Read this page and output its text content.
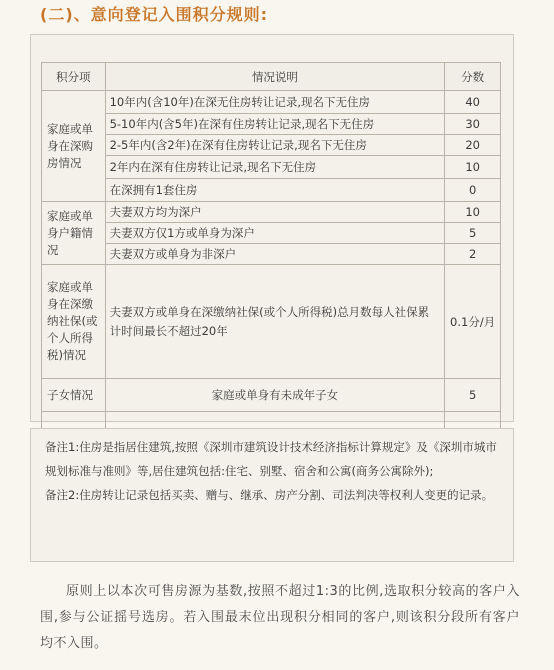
(二)、意向登记入围积分规则:
积分项	情况说明	分数
家庭或单身在深购房情况	10年内(含10年)在深无住房转让记录,现名下无住房	40
	5-10年内(含5年)在深有住房转让记录,现名下无住房	30
	2-5年内(含2年)在深有住房转让记录,现名下无住房	20
	2年内在深有住房转让记录,现名下无住房	10
	在深拥有1套住房	0
家庭或单身户籍情况	夫妻双方均为深户	10
	夫妻双方仅1方或单身为深户	5
	夫妻双方或单身为非深户	2
家庭或单身在深缴纳社保(或个人所得税)情况	夫妻双方或单身在深缴纳社保(或个人所得税)总月数每人社保累计时间最长不超过20年	0.1分/月
子女情况	家庭或单身有未成年子女	5

备注1:住房是指居住建筑,按照《深圳市建筑设计技术经济指标计算规定》及《深圳市城市规划标准与准则》等,居住建筑包括:住宅、别墅、宿舍和公寓(商务公寓除外);

备注2:住房转让记录包括买卖、赠与、继承、房产分割、司法判决等权利人变更的记录。

原则上以本次可售房源为基数,按照不超过1:3的比例,选取积分较高的客户入围,参与公证摇号选房。若入围最末位出现积分相同的客户,则该积分段所有客户均不入围。
